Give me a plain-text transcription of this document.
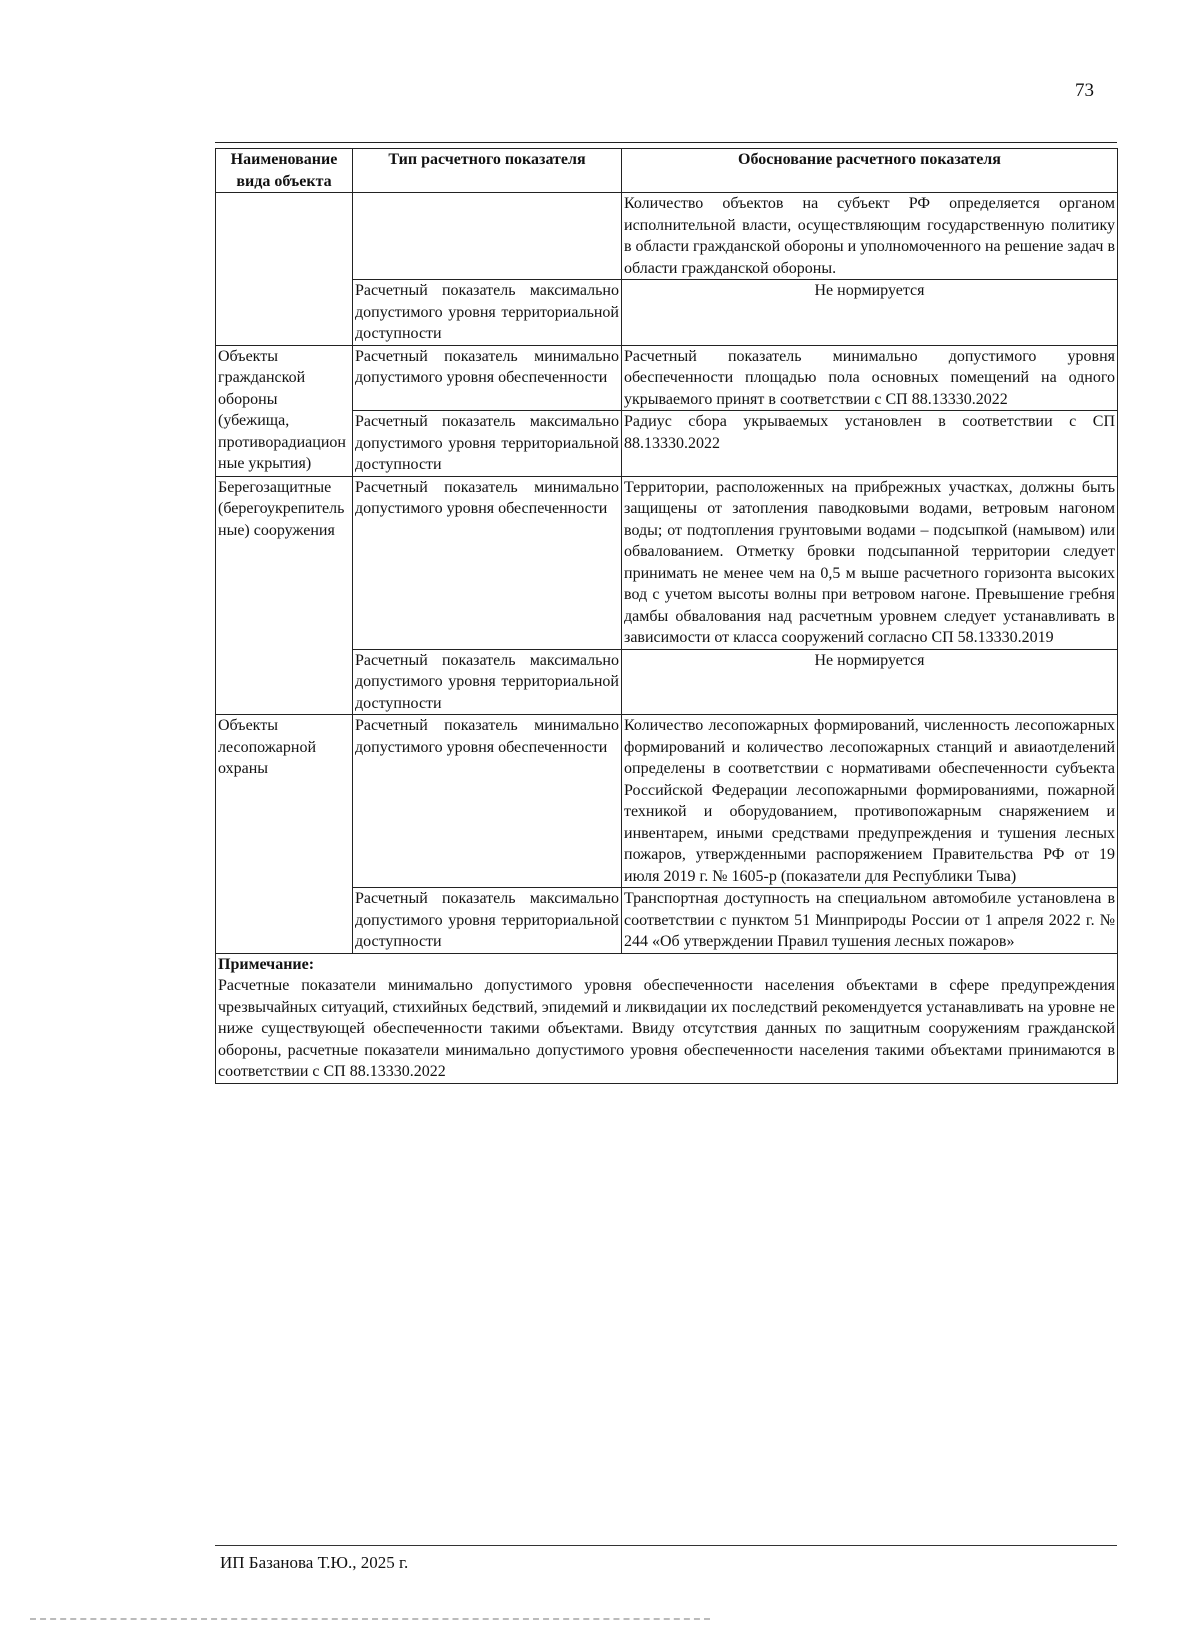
73
Наименование вида объекта	Тип расчетного показателя	Обоснование расчетного показателя
		Количество объектов на субъект РФ определяется органом исполнительной власти, осуществляющим государственную политику в области гражданской обороны и уполномоченного на решение задач в области гражданской обороны.
	Расчетный показатель максимально допустимого уровня территориальной доступности	Не нормируется
Объекты гражданской обороны (убежища, противорадиационные укрытия)	Расчетный показатель минимально допустимого уровня обеспеченности	Расчетный показатель минимально допустимого уровня обеспеченности площадью пола основных помещений на одного укрываемого принят в соответствии с СП 88.13330.2022
	Расчетный показатель максимально допустимого уровня территориальной доступности	Радиус сбора укрываемых установлен в соответствии с СП 88.13330.2022
Берегозащитные (берегоукрепительные) сооружения	Расчетный показатель минимально допустимого уровня обеспеченности	Территории, расположенных на прибрежных участках, должны быть защищены от затопления паводковыми водами, ветровым нагоном воды; от подтопления грунтовыми водами – подсыпкой (намывом) или обвалованием. Отметку бровки подсыпанной территории следует принимать не менее чем на 0,5 м выше расчетного горизонта высоких вод с учетом высоты волны при ветровом нагоне. Превышение гребня дамбы обвалования над расчетным уровнем следует устанавливать в зависимости от класса сооружений согласно СП 58.13330.2019
	Расчетный показатель максимально допустимого уровня территориальной доступности	Не нормируется
Объекты лесопожарной охраны	Расчетный показатель минимально допустимого уровня обеспеченности	Количество лесопожарных формирований, численность лесопожарных формирований и количество лесопожарных станций и авиаотделений определены в соответствии с нормативами обеспеченности субъекта Российской Федерации лесопожарными формированиями, пожарной техникой и оборудованием, противопожарным снаряжением и инвентарем, иными средствами предупреждения и тушения лесных пожаров, утвержденными распоряжением Правительства РФ от 19 июля 2019 г. № 1605-р (показатели для Республики Тыва)
	Расчетный показатель максимально допустимого уровня территориальной доступности	Транспортная доступность на специальном автомобиле установлена в соответствии с пунктом 51 Минприроды России от 1 апреля 2022 г. № 244 «Об утверждении Правил тушения лесных пожаров»

Примечание:
Расчетные показатели минимально допустимого уровня обеспеченности населения объектами в сфере предупреждения чрезвычайных ситуаций, стихийных бедствий, эпидемий и ликвидации их последствий рекомендуется устанавливать на уровне не ниже существующей обеспеченности такими объектами. Ввиду отсутствия данных по защитным сооружениям гражданской обороны, расчетные показатели минимально допустимого уровня обеспеченности населения такими объектами принимаются в соответствии с СП 88.13330.2022		
ИП Базанова Т.Ю., 2025 г.
